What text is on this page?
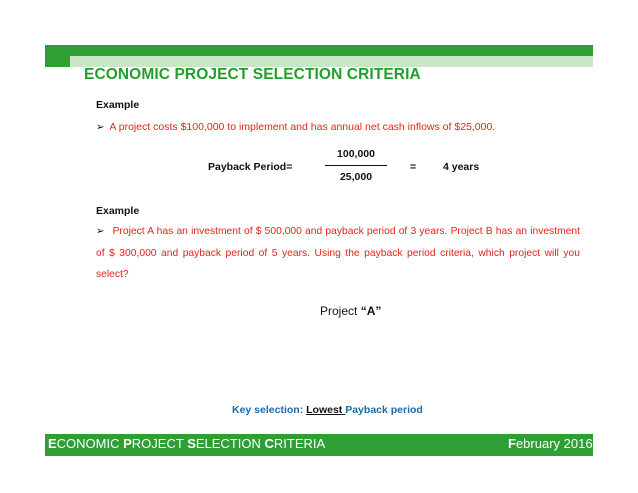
ECONOMIC PROJECT SELECTION CRITERIA
Example
➢ A project costs $100,000 to implement and has annual net cash inflows of $25,000.
Payback Period=
100,000
25,000
=	4 years
Example
➢ Project A has an investment of $ 500,000 and payback period of 3 years. Project B has an investment of $ 300,000 and payback period of 5 years. Using the payback period criteria, which project will you select?
Project “A”
Key selection: Lowest Payback period
ECONOMIC PROJECT SELECTION CRITERIA	February 2016
